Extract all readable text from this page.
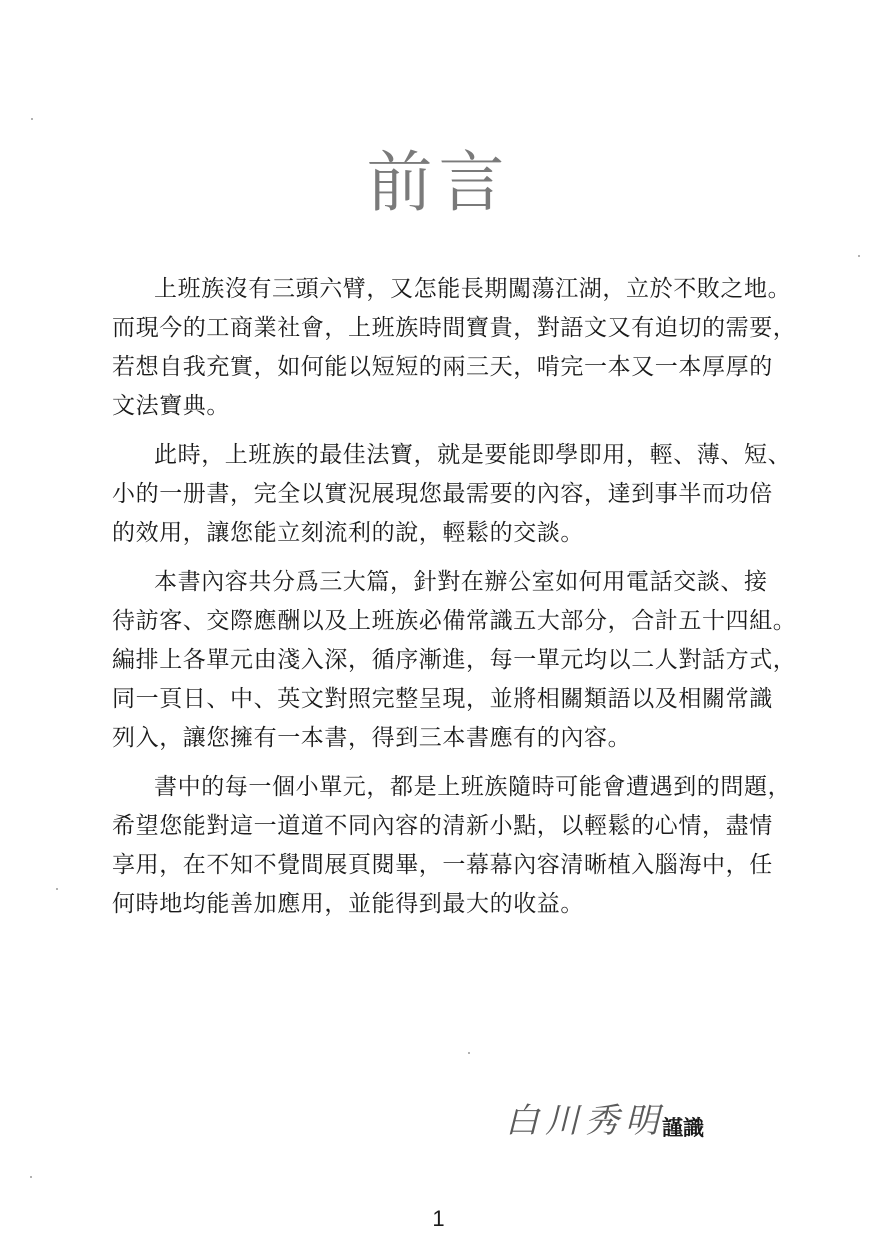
前言

上班族沒有三頭六臂，又怎能長期闖蕩江湖，立於不敗之地。
而現今的工商業社會，上班族時間寶貴，對語文又有迫切的需要，
若想自我充實，如何能以短短的兩三天，啃完一本又一本厚厚的
文法寶典。

此時，上班族的最佳法寶，就是要能即學即用，輕、薄、短、
小的一册書，完全以實況展現您最需要的內容，達到事半而功倍
的效用，讓您能立刻流利的說，輕鬆的交談。

本書內容共分爲三大篇，針對在辦公室如何用電話交談、接
待訪客、交際應酬以及上班族必備常識五大部分，合計五十四組。
編排上各單元由淺入深，循序漸進，每一單元均以二人對話方式，
同一頁日、中、英文對照完整呈現，並將相關類語以及相關常識
列入，讓您擁有一本書，得到三本書應有的內容。

書中的每一個小單元，都是上班族隨時可能會遭遇到的問題，
希望您能對這一道道不同內容的清新小點，以輕鬆的心情，盡情
享用，在不知不覺間展頁閱畢，一幕幕內容清晰植入腦海中，任
何時地均能善加應用，並能得到最大的收益。

白川秀明
謹識
1
